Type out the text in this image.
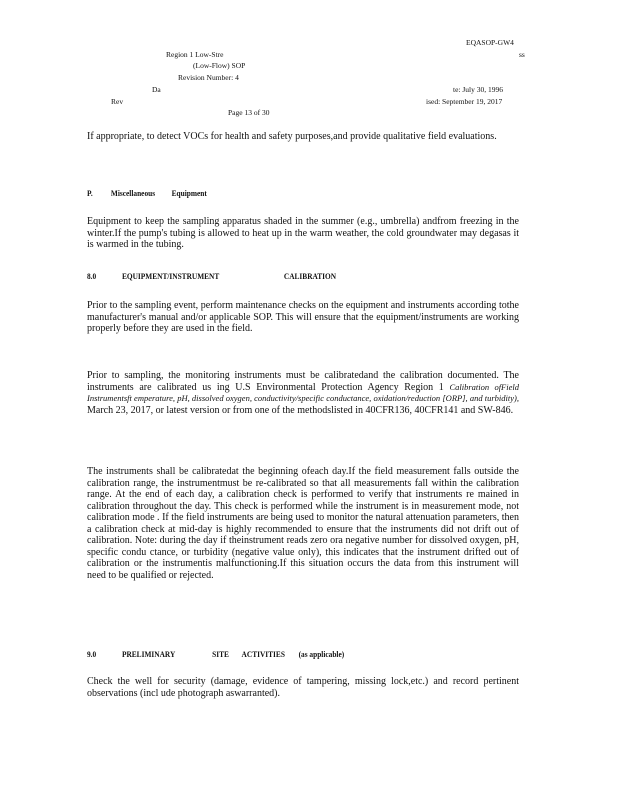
EQASOP-GW4
Region 1 Low-Stre	ss
(Low-Flow) SOP
Revision Number: 4
Da	te: July 30, 1996
Rev	ised: September 19, 2017
Page 13 of 30

If appropriate, to detect VOCs for health and safety purposes,and provide qualitative field evaluations.

P. Miscellaneous Equipment

Equipment to keep the sampling apparatus shaded in the summer (e.g., umbrella) andfrom freezing in the winter.If the pump's tubing is allowed to heat up in the warm weather, the cold groundwater may degasas it is warmed in the tubing.

8.0	EQUIPMENT/INSTRUMENT	CALIBRATION

Prior to the sampling event, perform maintenance checks on the equipment and instruments according tothe manufacturer's manual and/or applicable SOP. This will ensure that the equipment/instruments are working properly before they are used in the field.

Prior to sampling, the monitoring instruments must be calibratedand the calibration documented. The instruments are calibrated us ing U.S Environmental Protection Agency Region 1 Calibration ofField Instrumentsft emperature, pH, dissolved oxygen, conductivity/specific conductance, oxidation/reduction [ORP], and turbidity), March 23, 2017, or latest version or from one of the methodslisted in 40CFR136, 40CFR141 and SW-846.

The instruments shall be calibratedat the beginning ofeach day.If the field measurement falls outside the calibration range, the instrumentmust be re-calibrated so that all measurements fall within the calibration range. At the end of each day, a calibration check is performed to verify that instruments re mained in calibration throughout the day. This check is performed while the instrument is in measurement mode, not calibration mode . If the field instruments are being used to monitor the natural attenuation parameters, then a calibration check at mid-day is highly recommended to ensure that the instruments did not drift out of calibration. Note: during the day if theinstrument reads zero ora negative number for dissolved oxygen, pH, specific condu ctance, or turbidity (negative value only), this indicates that the instrument drifted out of calibration or the instrumentis malfunctioning.If this situation occurs the data from this instrument will need to be qualified or rejected.

9.0	PRELIMINARY	SITE ACTIVITIES (as applicable)

Check the well for security (damage, evidence of tampering, missing lock,etc.) and record pertinent observations (incl ude photograph aswarranted).
